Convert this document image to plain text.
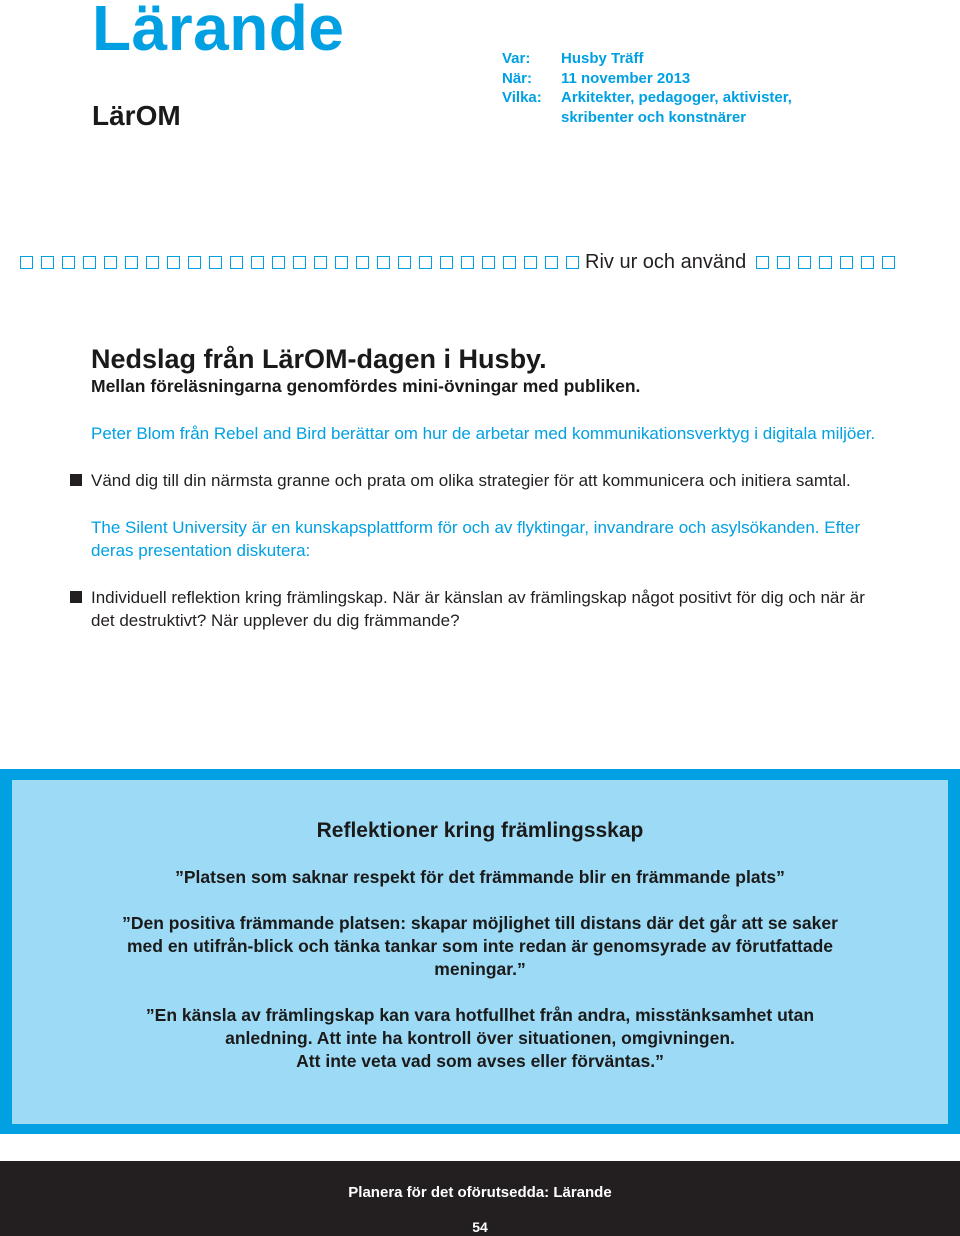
Lärande
LärOM
Var:	Husby Träff
När:	11 november 2013
Vilka:	Arkitekter, pedagoger, aktivister, skribenter och konstnärer
Riv ur och använd
Nedslag från LärOM-dagen i Husby.
Mellan föreläsningarna genomfördes mini-övningar med publiken.

Peter Blom från Rebel and Bird berättar om hur de arbetar med kommunikationsverktyg i digitala miljöer.

Vänd dig till din närmsta granne och prata om olika strategier för att kommunicera och initiera samtal.

The Silent University är en kunskapsplattform för och av flyktingar, invandrare och asylsökanden. Efter deras presentation diskutera:

Individuell reflektion kring främlingskap. När är känslan av främlingskap något positivt för dig och när är det destruktivt? När upplever du dig främmande?

Reflektioner kring främlingsskap
”Platsen som saknar respekt för det främmande blir en främmande plats”
”Den positiva främmande platsen: skapar möjlighet till distans där det går att se saker med en utifrån-blick och tänka tankar som inte redan är genomsyrade av förutfattade meningar.”
”En känsla av främlingskap kan vara hotfullhet från andra, misstänksamhet utan anledning. Att inte ha kontroll över situationen, omgivningen.
Att inte veta vad som avses eller förväntas.”
Planera för det oförutsedda: Lärande
54
